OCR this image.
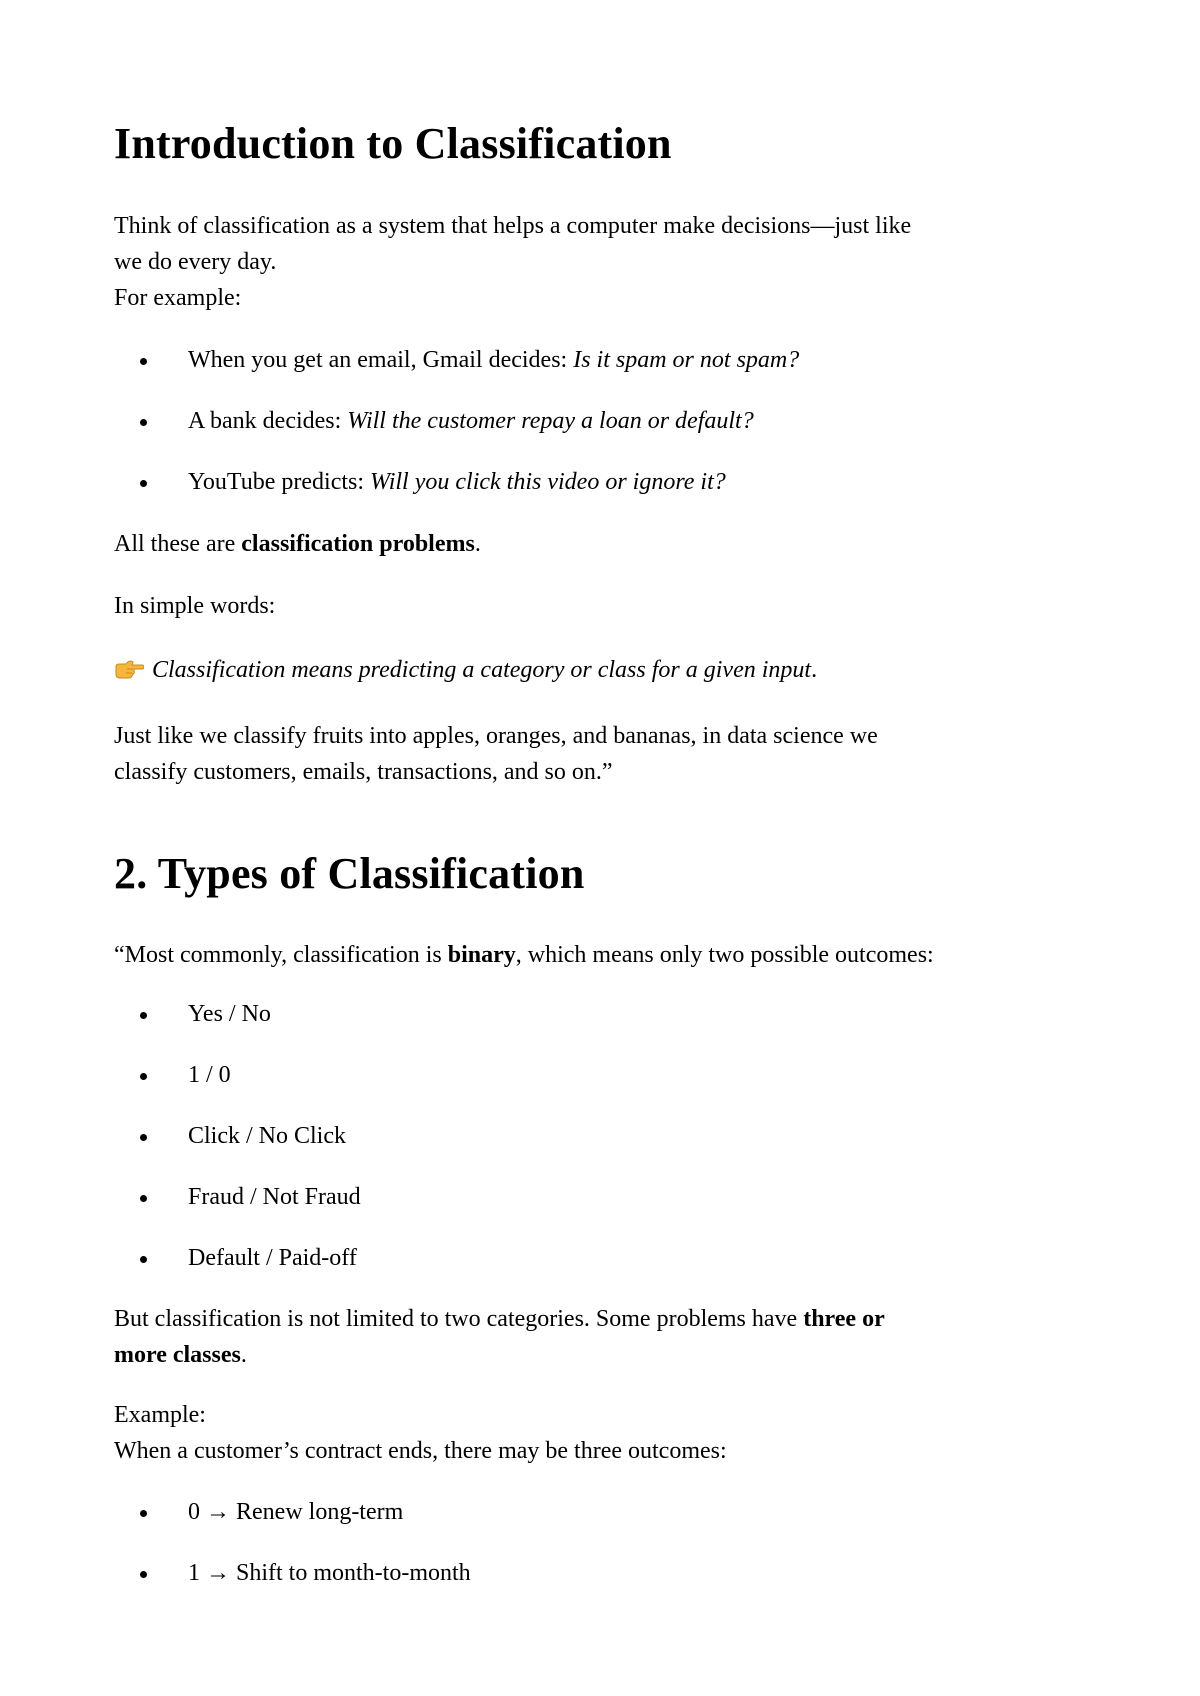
Introduction to Classification

Think of classification as a system that helps a computer make decisions—just like
we do every day.
For example:

When you get an email, Gmail decides: Is it spam or not spam?
A bank decides: Will the customer repay a loan or default?
YouTube predicts: Will you click this video or ignore it?

All these are classification problems.

In simple words:

Classification means predicting a category or class for a given input.

Just like we classify fruits into apples, oranges, and bananas, in data science we
classify customers, emails, transactions, and so on.”

2. Types of Classification

“Most commonly, classification is binary, which means only two possible outcomes:

Yes / No
1 / 0
Click / No Click
Fraud / Not Fraud
Default / Paid-off

But classification is not limited to two categories. Some problems have three or
more classes.

Example:
When a customer’s contract ends, there may be three outcomes:

0 → Renew long-term
1 → Shift to month-to-month
